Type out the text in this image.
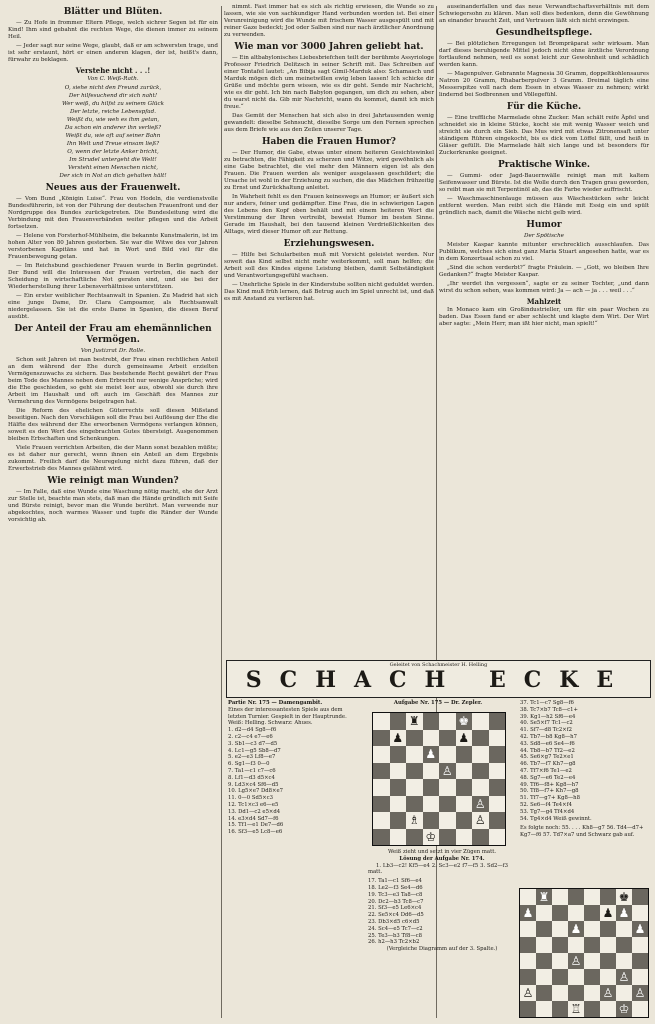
Blätter und Blüten.

— Zu Hofe in frommer Eltern Pflege, welch sichrer Segen ist für ein Kind! Ihm sind gebahnt die rechten Wege, die dienen immer zu seinem Heil.

— Jeder sagt nur seine Wege, glaubt, daß er am schwersten trage, und ist sehr erstaunt, hört er einen anderen klagen, der ist, heißt's dann, fürwahr zu beklagen.

Verstehe nicht . . .!
Von C. Weiß-Rath.
O, siehe nicht den Freund zurück,
Der hilfesuchend dir sich naht!
Wer weiß, du hilfst zu seinem Glück
Der letzte, reiche Lebenspfad.
Weißt du, wie weh es ihm getan,
Da schon ein anderer ihn verließ?
Weißt du, wie oft auf seiner Bahn
Ihn Welt und Treue einsam ließ?
O, wenn der letzte Anker bricht,
Im Strudel untergeht die Welt!
Versteht einen Menschen nicht,
Der sich in Not an dich gehalten hält!
Neues aus der Frauenwelt.

— Vom Bund „Königin Luise“. Frau von Hodeln, die verdienstvolle Bundesführerin, ist von der Führung der deutschen Frauenfront und der Nordgruppe des Bundes zurückgetreten. Die Bundesleitung wird die Verbindung mit den Frauenverbänden weiter pflegen und die Arbeit fortsetzen.

— Helene von Forsterhof-Mühlheim, die bekannte Kunstmalerin, ist im hohen Alter von 80 Jahren gestorben. Sie war die Witwe des vor Jahren verstorbenen Kapitäns und hat in Wort und Bild viel für die Frauenbewegung getan.

— Im Reichsbund geschiedener Frauen wurde in Berlin gegründet. Der Bund will die Interessen der Frauen vertreten, die nach der Scheidung in wirtschaftliche Not geraten sind, und sie bei der Wiederherstellung ihrer Lebensverhältnisse unterstützen.

— Ein erster weiblicher Rechtsanwalt in Spanien. Zu Madrid hat sich eine junge Dame, Dr. Clara Campoamor, als Rechtsanwalt niedergelassen. Sie ist die erste Dame in Spanien, die diesen Beruf ausübt.

Der Anteil der Frau am ehemännlichen Vermögen.
Von Justizrat Dr. Rolle.

Schon seit Jahren ist man bestrebt, der Frau einen rechtlichen Anteil an dem während der Ehe durch gemeinsame Arbeit erzielten Vermögenszuwachs zu sichern. Das bestehende Recht gewährt der Frau beim Tode des Mannes neben dem Erbrecht nur wenige Ansprüche; wird die Ehe geschieden, so geht sie meist leer aus, obwohl sie durch ihre Arbeit im Haushalt und oft auch im Geschäft des Mannes zur Vermehrung des Vermögens beigetragen hat.

Die Reform des ehelichen Güterrechts soll diesen Mißstand beseitigen. Nach den Vorschlägen soll die Frau bei Auflösung der Ehe die Hälfte des während der Ehe erworbenen Vermögens verlangen können, soweit es den Wert des eingebrachten Gutes übersteigt. Ausgenommen bleiben Erbschaften und Schenkungen.

Viele Frauen verrichten Arbeiten, die der Mann sonst bezahlen müßte; es ist daher nur gerecht, wenn ihnen ein Anteil an dem Ergebnis zukommt. Freilich darf die Neuregelung nicht dazu führen, daß der Erwerbstrieb des Mannes gelähmt wird.

Wie reinigt man Wunden?

— Im Falle, daß eine Wunde eine Waschung nötig macht, ehe der Arzt zur Stelle ist, beachte man stets, daß man die Hände gründlich mit Seife und Bürste reinigt, bevor man die Wunde berührt. Man verwende nur abgekochtes, noch warmes Wasser und tupfe die Ränder der Wunde vorsichtig ab.

nimmt. Fast immer hat es sich als richtig erwiesen, die Wunde so zu lassen, wie sie von sachkundiger Hand verbunden worden ist. Bei einer Verunreinigung wird die Wunde mit frischem Wasser ausgespült und mit reiner Gaze bedeckt; Jod oder Salben sind nur nach ärztlicher Anordnung zu verwenden.

Wie man vor 3000 Jahren geliebt hat.

— Ein altbabylonisches Liebesbriefchen teilt der berühmte Assyriologe Professor Friedrich Delitzsch in seiner Schrift mit. Das Schreiben auf einer Tontafel lautet: „An Bibija sagt Gimil-Marduk also: Schamasch und Marduk mögen dich um meinetwillen ewig leben lassen! Ich schicke dir Grüße und möchte gern wissen, wie es dir geht. Sende mir Nachricht, wie es dir geht. Ich bin nach Babylon gegangen, um dich zu sehen, aber du warst nicht da. Gib mir Nachricht, wann du kommst, damit ich mich freue.“

Das Gemüt der Menschen hat sich also in drei Jahrtausenden wenig gewandelt: dieselbe Sehnsucht, dieselbe Sorge um den Fernen sprechen aus dem Briefe wie aus den Zeilen unserer Tage.

Haben die Frauen Humor?

— Der Humor, die Gabe, etwas unter einem heiteren Gesichtswinkel zu betrachten, die Fähigkeit zu scherzen und Witze, wird gewöhnlich als eine Gabe betrachtet, die viel mehr den Männern eigen ist als den Frauen. Die Frauen werden als weniger ausgelassen geschildert; die Ursache ist wohl in der Erziehung zu suchen, die das Mädchen frühzeitig zu Ernst und Zurückhaltung anleitet.

In Wahrheit fehlt es den Frauen keineswegs an Humor; er äußert sich nur anders, feiner und gedämpfter. Eine Frau, die in schwierigen Lagen des Lebens den Kopf oben behält und mit einem heiteren Wort die Verstimmung der Ihren vertreibt, beweist Humor im besten Sinne. Gerade im Haushalt, bei den tausend kleinen Verdrießlichkeiten des Alltags, wird dieser Humor oft zur Rettung.

Erziehungswesen.

— Hilfe bei Schularbeiten muß mit Vorsicht geleistet werden. Nur soweit das Kind selbst nicht mehr weiterkommt, soll man helfen; die Arbeit soll des Kindes eigene Leistung bleiben, damit Selbständigkeit und Verantwortungsgefühl wachsen.

— Unehrliche Spiele in der Kinderstube sollten nicht geduldet werden. Das Kind muß früh lernen, daß Betrug auch im Spiel unrecht ist, und daß es mit Anstand zu verlieren hat.

auseinanderfallen und das neue Verwandtschaftsverhältnis mit dem Schwiegersohn zu klären. Man soll dies bedenken, denn die Gewöhnung an einander braucht Zeit, und Vertrauen läßt sich nicht erzwingen.

Gesundheitspflege.

— Bei plötzlichen Erregungen ist Brompräparat sehr wirksam. Man darf dieses beruhigende Mittel jedoch nicht ohne ärztliche Verordnung fortlaufend nehmen, weil es sonst leicht zur Gewohnheit und schädlich werden kann.

— Magenpulver. Gebrannte Magnesia 30 Gramm, doppeltkohlensaures Natron 20 Gramm, Rhabarberpulver 3 Gramm. Dreimal täglich eine Messerspitze voll nach dem Essen in etwas Wasser zu nehmen; wirkt lindernd bei Sodbrennen und Völlegefühl.

Für die Küche.

— Eine treffliche Marmelade ohne Zucker. Man schält reife Äpfel und schneidet sie in kleine Stücke, kocht sie mit wenig Wasser weich und streicht sie durch ein Sieb. Das Mus wird mit etwas Zitronensaft unter ständigem Rühren eingekocht, bis es dick vom Löffel fällt, und heiß in Gläser gefüllt. Die Marmelade hält sich lange und ist besonders für Zuckerkranke geeignet.

Praktische Winke.

— Gummi- oder Jagd-Bauernwälle reinigt man mit kaltem Seifenwasser und Bürste. Ist die Wolle durch den Tragen grau geworden, so reibt man sie mit Terpentinöl ab, das die Farbe wieder auffrischt.

— Waschmaschinenlauge müssen aus Wäschestücken sehr leicht entfernt werden. Man reibt sich die Hände mit Essig ein und spült gründlich nach, damit die Wäsche nicht gelb wird.

Humor
Der Spötische

Meister Kaspar kannte mitunter erschrecklich ausschlaufen. Das Publikum, welches sich einst ganz Maria Stuart angesehen hatte, war es in dem Konzertsaal schon zu viel.

„Sind die schon verderbt?“ fragte Fräulein. — „Gott, wo bleiben Ihre Gedanken?“ fragte Meister Kaspar.

„Ihr werdet ihn vergessen“, sagte er zu seiner Tochter, „und dann wirst du schon sehen, was kommen wird: Ja — ach — ja . . . weil . . .“

Mahlzeit

In Monaco kam ein Großindustrieller, um für ein paar Wochen zu baden. Das Essen fand er aber schlecht und klagte dem Wirt. Der Wirt aber sagte: „Mein Herr, man ißt hier nicht, man spielt!“

Geleitet von Schachmeister H. Helling
SCHACH ECKE
Partie Nr. 175 — Damengambit.

Eines der interessantesten Spiele aus dem letzten Turnier. Gespielt in der Hauptrunde.

Weiß: Helling. Schwarz: Ahues.

1. d2—d4 Sg8—f6

2. c2—c4 e7—e6

3. Sb1—c3 d7—d5

4. Lc1—g5 Sb8—d7

5. e2—e3 Lf8—e7

6. Sg1—f3 0—0

7. Ta1—c1 c7—c6

8. Lf1—d3 d5×c4

9. Ld3×c4 Sf6—d5

10. Lg5×e7 Dd8×e7

11. 0—0 Sd5×c3

12. Tc1×c3 e6—e5

13. Dd1—c2 e5×d4

14. e3×d4 Sd7—f6

15. Tf1—e1 De7—d6

16. Sf3—e5 Lc8—e6

Aufgabe Nr. 175 — Dr. Zepler.
♜	♚
♟	♟
♟
♙
♙
♗	♙
♔

Weiß zieht und setzt in vier Zügen matt.

Lösung der Aufgabe Nr. 174.

1. Lb3—c2! Kf5—e4 2. Sc3—e2 f7—f5 3. Sd2—f3 matt.

17. Ta1—c1 Sf6—e4

18. Le2—f3 Se4—d6

19. Tc3—e3 Ta8—c8

20. Dc2—b3 Tc8—c7

21. Sf3—e5 Le6×c4

22. Se5×c4 Dd6—d5

23. Db3×d5 c6×d5

24. Sc4—e5 Tc7—c2

25. Te3—b3 Tf8—c8

26. h2—h3 Tc2×b2

(Vergleiche Diagramm auf der 3. Spalte.)

37. Tc1—c7 Sg8—f6

38. Tc7×b7 Tc8—c1+

39. Kg1—h2 Sf6—e4

40. Se5×f7 Tc1—c2

41. Sf7—d8 Tc2×f2

42. Tb7—b8 Kg8—h7

43. Sd8—e6 Se4—f6

44. Tb8—b7 Tf2—e2

45. Se6×g7 Te2×e1

46. Tb7—f7 Kh7—g8

47. Tf7×f6 Te1—e2

48. Sg7—e6 Te2—e4

49. Tf6—f8+ Kg8—h7

50. Tf8—f7+ Kh7—g8

51. Tf7—g7+ Kg8—h8

52. Se6—f4 Te4×f4

53. Tg7—g4 Tf4×d4

54. Tg4×d4 Weiß gewinnt.

Es folgte noch: 55. . . . Kh8—g7 56. Td4—d7+ Kg7—f6 57. Td7×a7 und Schwarz gab auf.

♜	♚
♟	♟ ♟
♟	♟
♙
♙
♙	♙ ♙
♖	♔
